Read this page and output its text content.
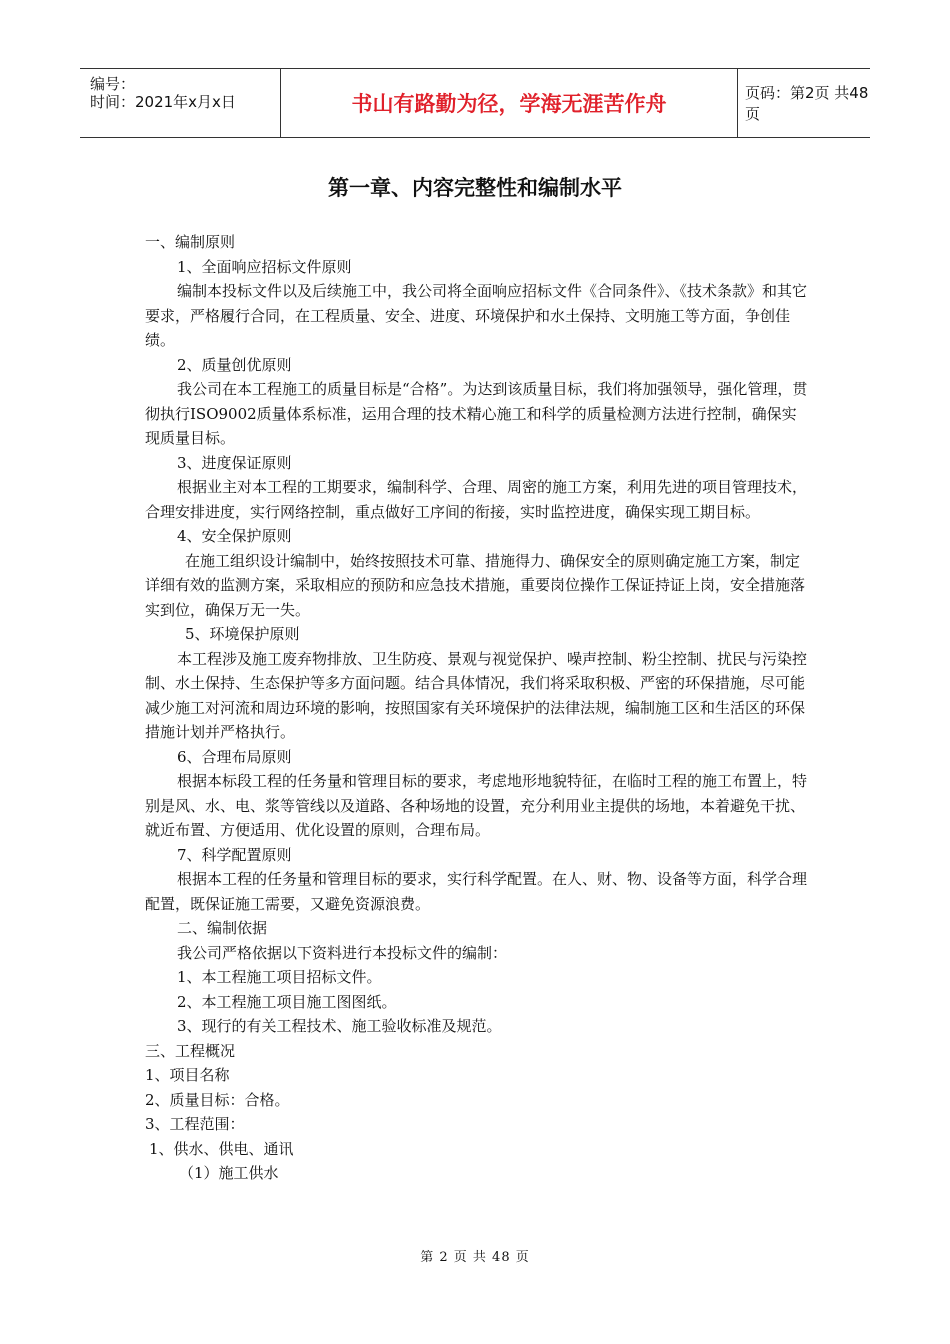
编号：
时间：2021年x月x日	书山有路勤为径，学海无涯苦作舟	页码：第2页 共48页
第一章、内容完整性和编制水平

一、编制原则

1、全面响应招标文件原则

编制本投标文件以及后续施工中，我公司将全面响应招标文件《合同条件》、《技术条款》和其它要求，严格履行合同，在工程质量、安全、进度、环境保护和水土保持、文明施工等方面，争创佳绩。

2、质量创优原则

我公司在本工程施工的质量目标是“合格”。为达到该质量目标，我们将加强领导，强化管理，贯彻执行ISO9002质量体系标准，运用合理的技术精心施工和科学的质量检测方法进行控制，确保实现质量目标。

3、进度保证原则

根据业主对本工程的工期要求，编制科学、合理、周密的施工方案，利用先进的项目管理技术，合理安排进度，实行网络控制，重点做好工序间的衔接，实时监控进度，确保实现工期目标。

4、安全保护原则

在施工组织设计编制中，始终按照技术可靠、措施得力、确保安全的原则确定施工方案，制定详细有效的监测方案，采取相应的预防和应急技术措施，重要岗位操作工保证持证上岗，安全措施落实到位，确保万无一失。

5、环境保护原则

本工程涉及施工废弃物排放、卫生防疫、景观与视觉保护、噪声控制、粉尘控制、扰民与污染控制、水土保持、生态保护等多方面问题。结合具体情况，我们将采取积极、严密的环保措施，尽可能减少施工对河流和周边环境的影响，按照国家有关环境保护的法律法规，编制施工区和生活区的环保措施计划并严格执行。

6、合理布局原则

根据本标段工程的任务量和管理目标的要求，考虑地形地貌特征，在临时工程的施工布置上，特别是风、水、电、浆等管线以及道路、各种场地的设置，充分利用业主提供的场地，本着避免干扰、就近布置、方便适用、优化设置的原则，合理布局。

7、科学配置原则

根据本工程的任务量和管理目标的要求，实行科学配置。在人、财、物、设备等方面，科学合理配置，既保证施工需要，又避免资源浪费。

二、编制依据

我公司严格依据以下资料进行本投标文件的编制：

1、本工程施工项目招标文件。

2、本工程施工项目施工图图纸。

3、现行的有关工程技术、施工验收标准及规范。

三、工程概况

1、项目名称

2、质量目标：合格。

3、工程范围：

1、供水、供电、通讯

（1）施工供水

第 2 页 共 48 页
